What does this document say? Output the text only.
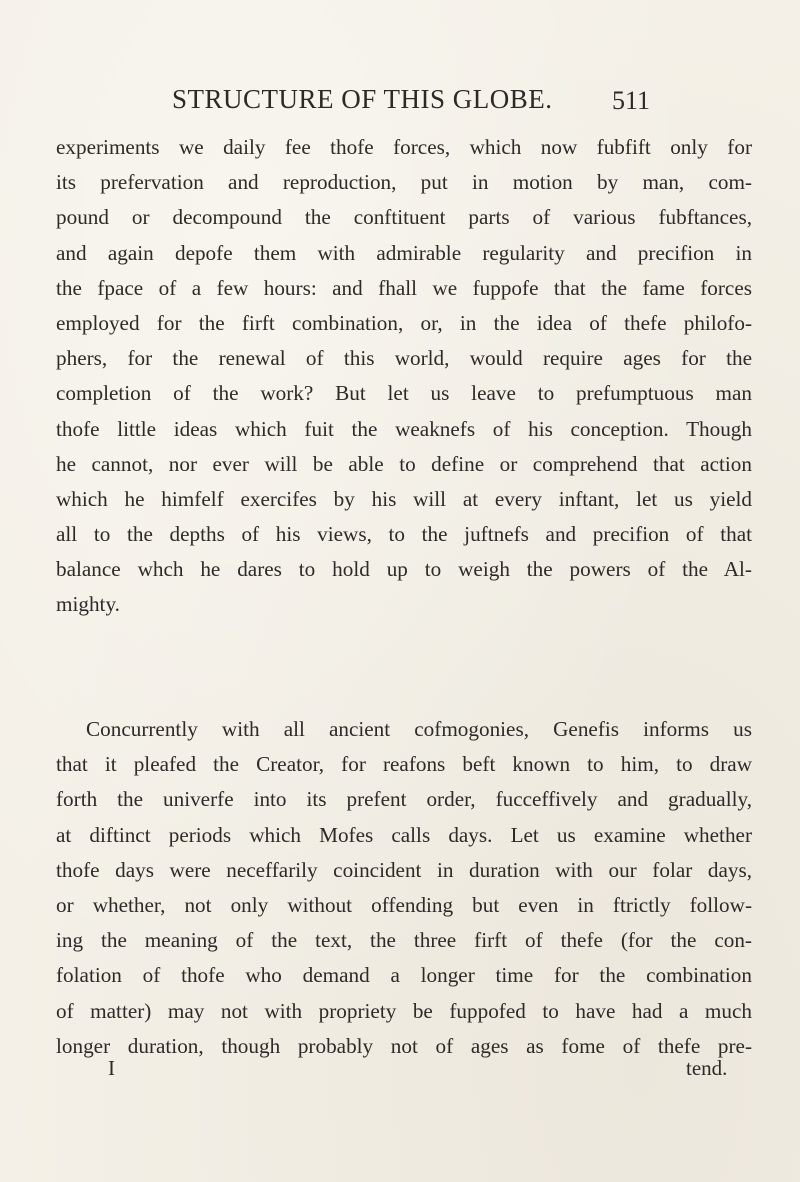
STRUCTURE OF THIS GLOBE.	511
experiments we daily fee thofe forces, which now fubfift only for
its prefervation and reproduction, put in motion by man, com-
pound or decompound the conftituent parts of various fubftances,
and again depofe them with admirable regularity and precifion in
the fpace of a few hours: and fhall we fuppofe that the fame forces
employed for the firft combination, or, in the idea of thefe philofo-
phers, for the renewal of this world, would require ages for the
completion of the work? But let us leave to prefumptuous man
thofe little ideas which fuit the weaknefs of his conception. Though
he cannot, nor ever will be able to define or comprehend that action
which he himfelf exercifes by his will at every inftant, let us yield
all to the depths of his views, to the juftnefs and precifion of that
balance whch he dares to hold up to weigh the powers of the Al-
mighty.
Concurrently with all ancient cofmogonies, Genefis informs us
that it pleafed the Creator, for reafons beft known to him, to draw
forth the univerfe into its prefent order, fucceffively and gradually,
at diftinct periods which Mofes calls days. Let us examine whether
thofe days were neceffarily coincident in duration with our folar days,
or whether, not only without offending but even in ftrictly follow-
ing the meaning of the text, the three firft of thefe (for the con-
folation of thofe who demand a longer time for the combination
of matter) may not with propriety be fuppofed to have had a much
longer duration, though probably not of ages as fome of thefe pre-
I	tend.
